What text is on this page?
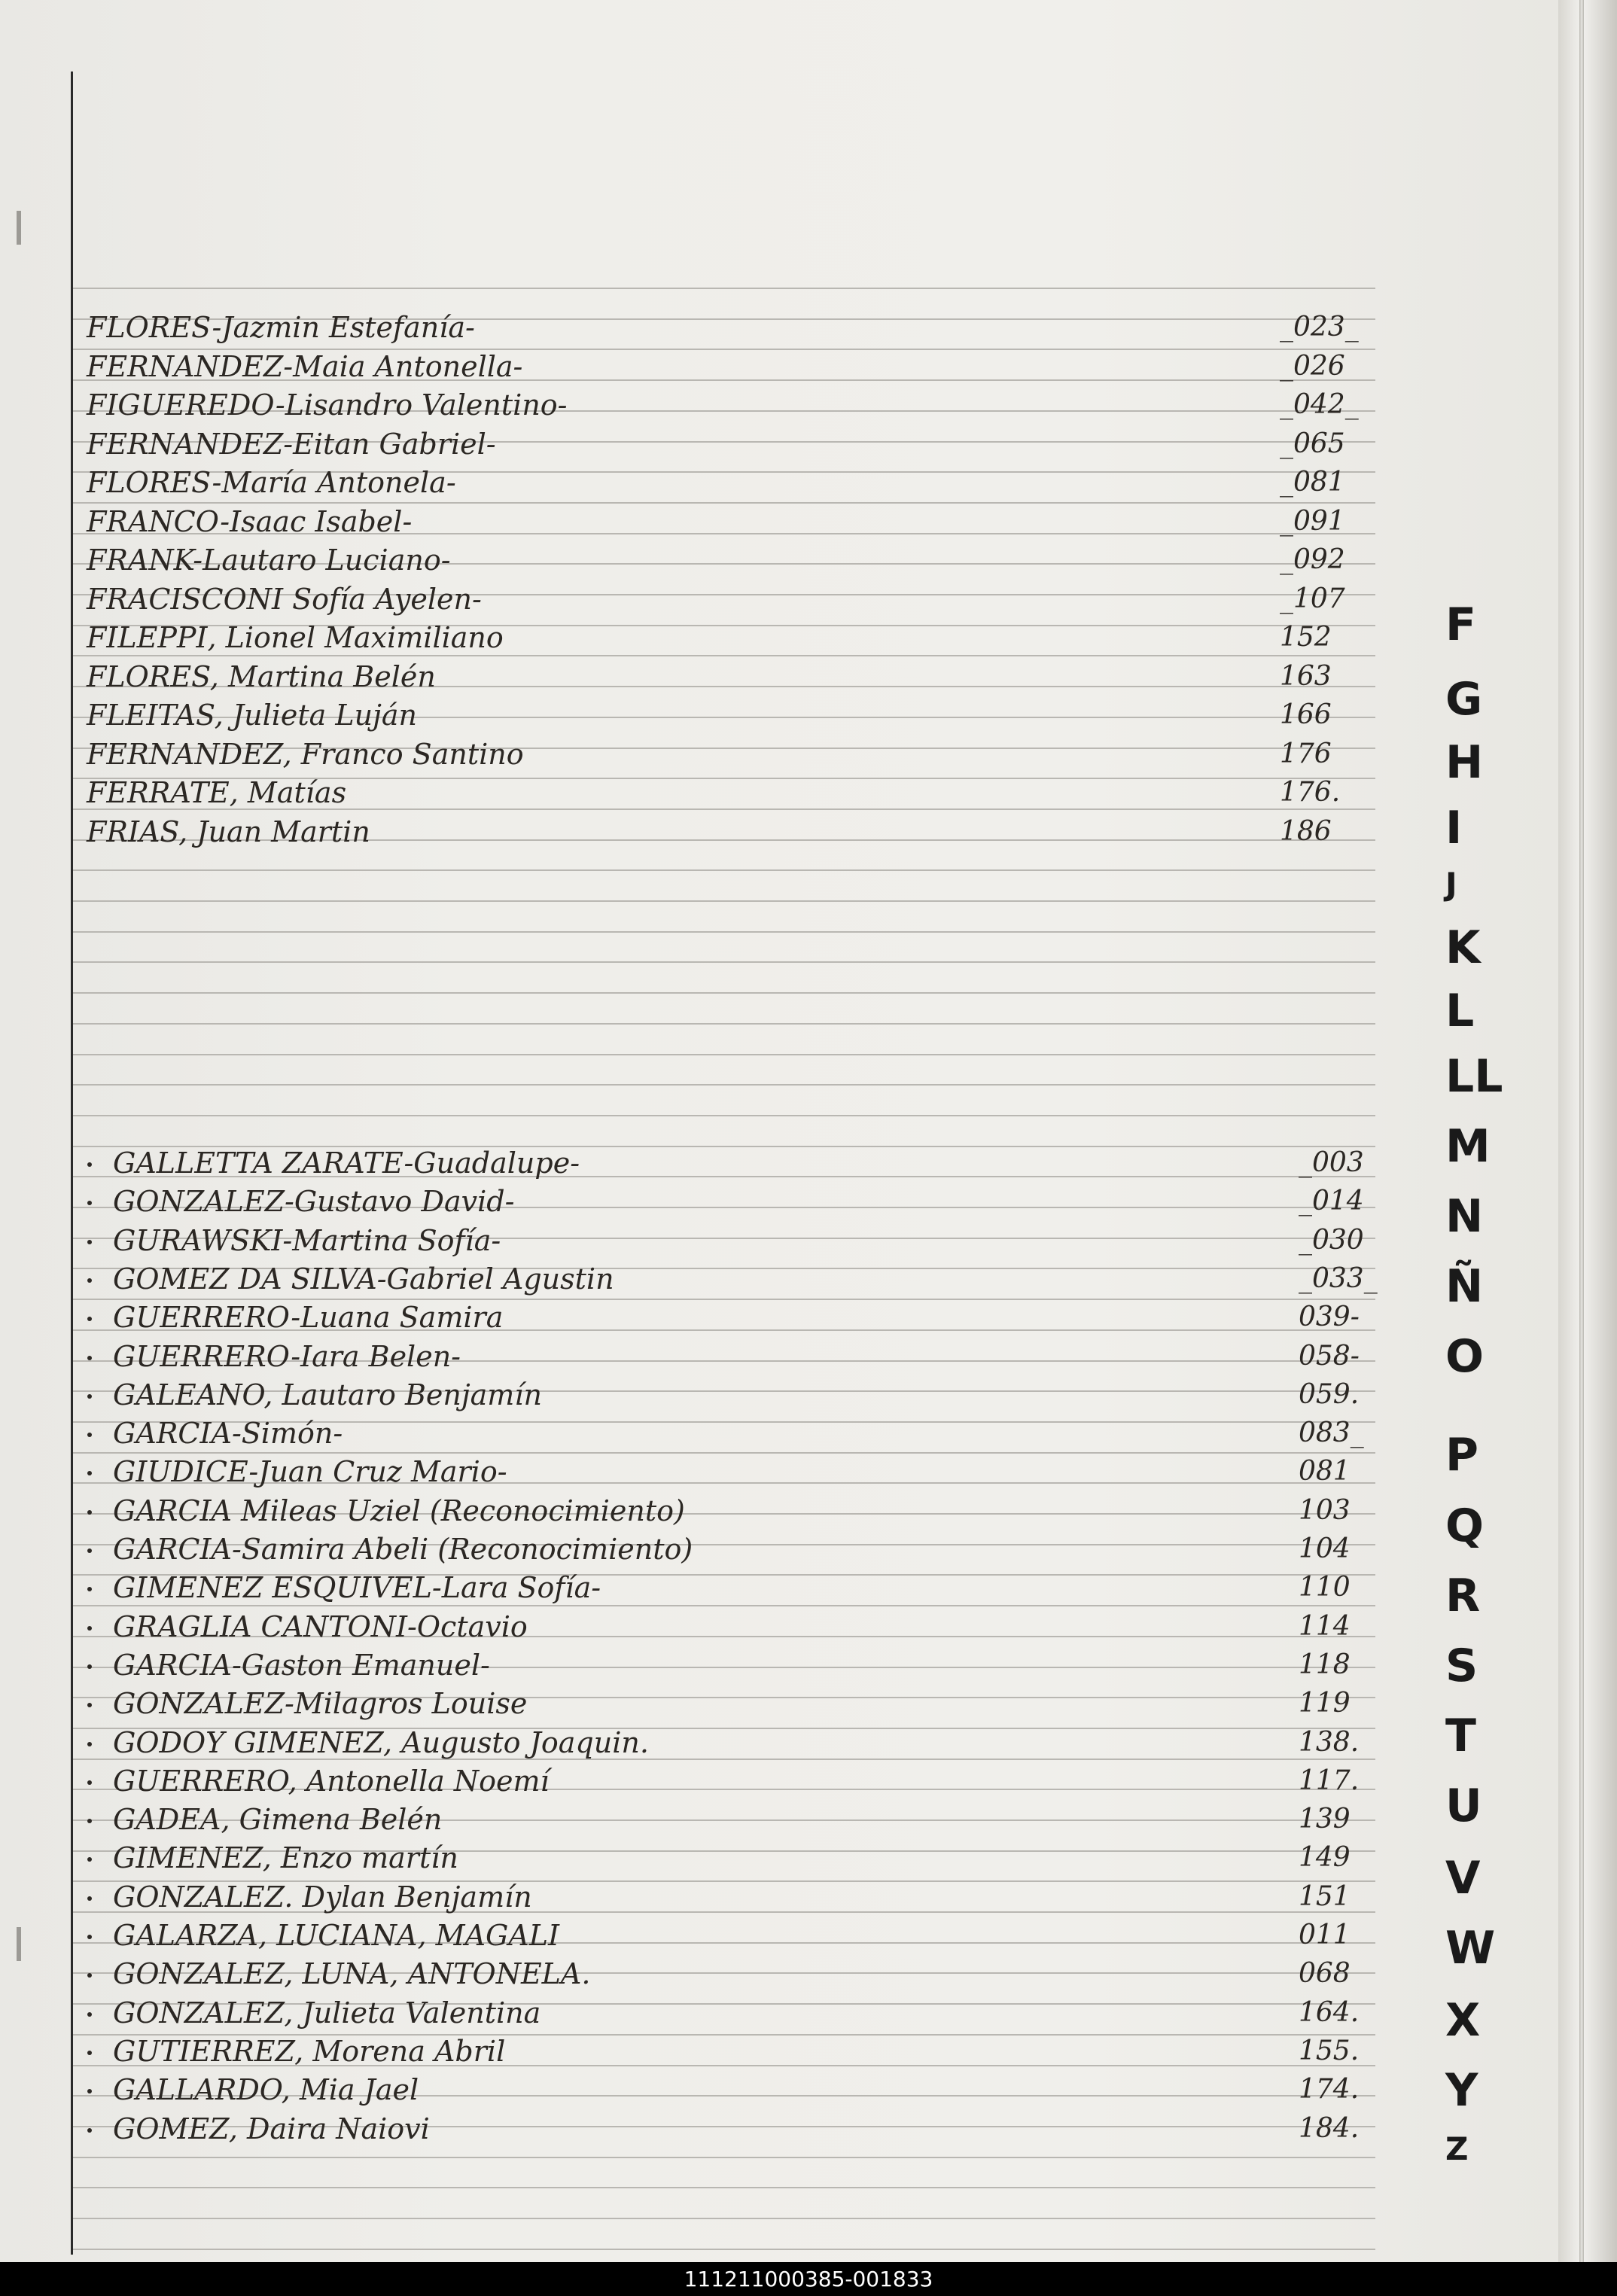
FLORES-Jazmin Estefanía-	_023_
FERNANDEZ-Maia Antonella-	_026
FIGUEREDO-Lisandro Valentino-	_042_
FERNANDEZ-Eitan Gabriel-	_065
FLORES-María Antonela-	_081
FRANCO-Isaac Isabel-	_091
FRANK-Lautaro Luciano-	_092
FRACISCONI Sofía Ayelen-	_107
FILEPPI, Lionel Maximiliano	152
FLORES, Martina Belén	163
FLEITAS, Julieta Luján	166
FERNANDEZ, Franco Santino	176
FERRATE, Matías	176.
FRIAS, Juan Martin	186
GALLETTA ZARATE-Guadalupe-	_003
GONZALEZ-Gustavo David-	_014
GURAWSKI-Martina Sofía-	_030
GOMEZ DA SILVA-Gabriel Agustin	_033_
GUERRERO-Luana Samira	039-
GUERRERO-Iara Belen-	058-
GALEANO, Lautaro Benjamín	059.
GARCIA-Simón-	083_
GIUDICE-Juan Cruz Mario-	081
GARCIA Mileas Uziel (Reconocimiento)	103
GARCIA-Samira Abeli (Reconocimiento)	104
GIMENEZ ESQUIVEL-Lara Sofía-	110
GRAGLIA CANTONI-Octavio	114
GARCIA-Gaston Emanuel-	118
GONZALEZ-Milagros Louise	119
GODOY GIMENEZ, Augusto Joaquin.	138.
GUERRERO, Antonella Noemí	117.
GADEA, Gimena Belén	139
GIMENEZ, Enzo martín	149
GONZALEZ. Dylan Benjamín	151
GALARZA, LUCIANA, MAGALI	011
GONZALEZ, LUNA, ANTONELA.	068
GONZALEZ, Julieta Valentina	164.
GUTIERREZ, Morena Abril	155.
GALLARDO, Mia Jael	174.
GOMEZ, Daira Naiovi	184.
F
G
H
I
J
K
L
LL
M
N
Ñ
O
P
Q
R
S
T
U
V
W
X
Y
Z
111211000385-001833
